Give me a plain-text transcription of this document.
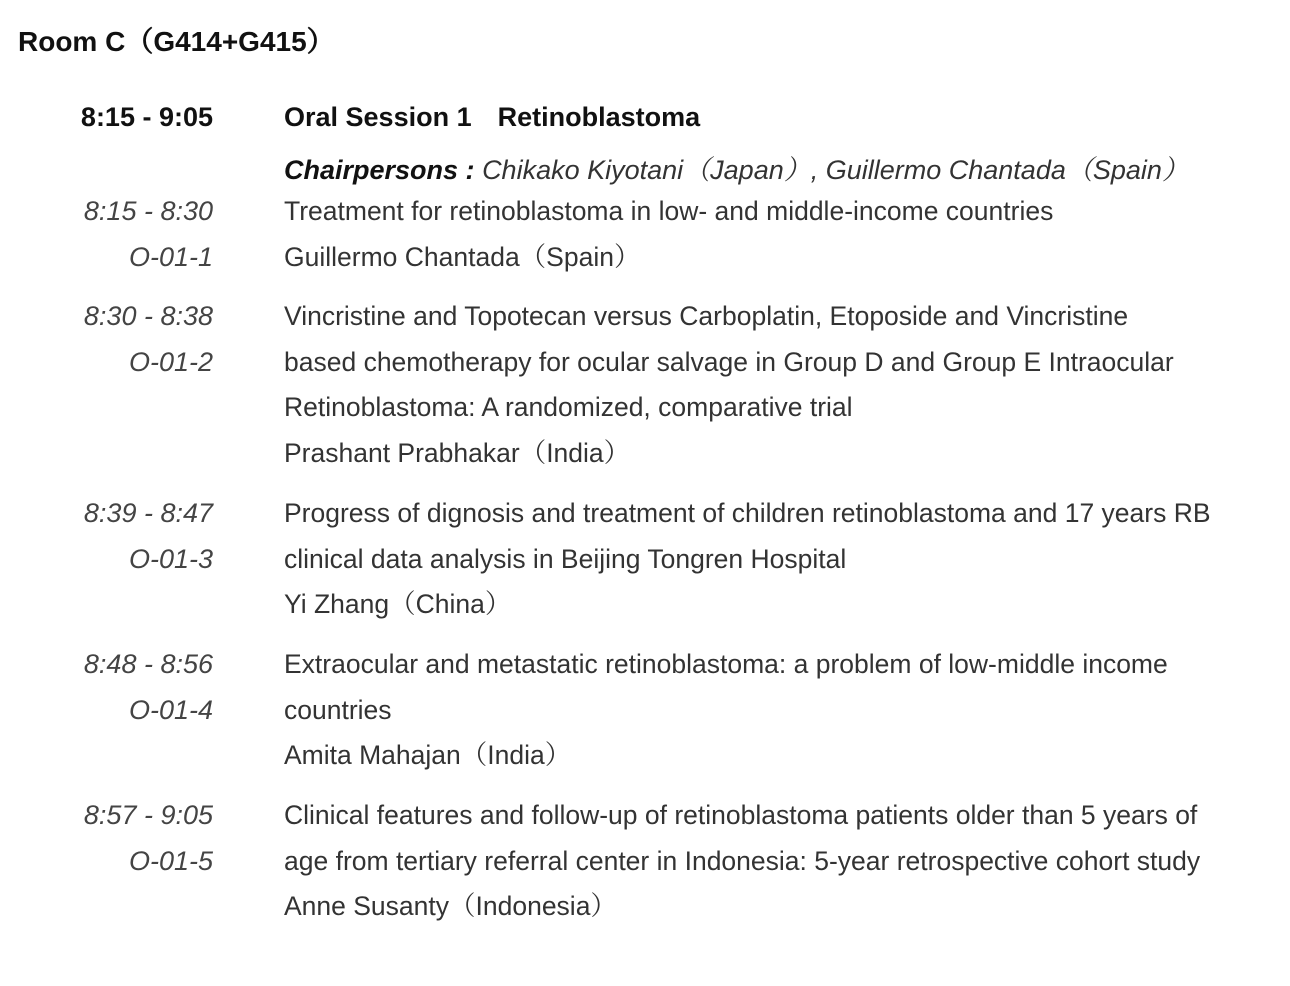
Room C（G414+G415）
8:15 - 9:05	Oral Session 1 Retinoblastoma
Chairpersons : Chikako Kiyotani（Japan）, Guillermo Chantada（Spain）
8:15 - 8:30
O-01-1
Treatment for retinoblastoma in low- and middle-income countries
Guillermo Chantada（Spain）
8:30 - 8:38
O-01-2
Vincristine and Topotecan versus Carboplatin, Etoposide and Vincristine
based chemotherapy for ocular salvage in Group D and Group E Intraocular
Retinoblastoma: A randomized, comparative trial
Prashant Prabhakar（India）
8:39 - 8:47
O-01-3
Progress of dignosis and treatment of children retinoblastoma and 17 years RB
clinical data analysis in Beijing Tongren Hospital
Yi Zhang（China）
8:48 - 8:56
O-01-4
Extraocular and metastatic retinoblastoma: a problem of low-middle income
countries
Amita Mahajan（India）
8:57 - 9:05
O-01-5
Clinical features and follow-up of retinoblastoma patients older than 5 years of
age from tertiary referral center in Indonesia: 5-year retrospective cohort study
Anne Susanty（Indonesia）
